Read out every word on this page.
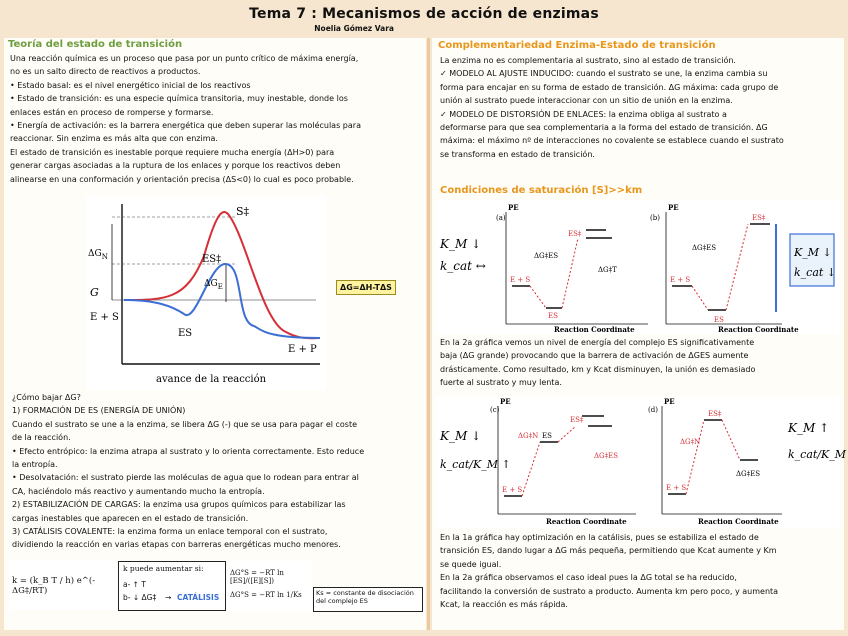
Tema 7 : Mecanismos de acción de enzimas
Noelia Gómez Vara
Teoría del estado de transición

Una reacción química es un proceso que pasa por un punto crítico de máxima energía,

no es un salto directo de reactivos a productos.

• Estado basal: es el nivel energético inicial de los reactivos

• Estado de transición: es una especie química transitoria, muy inestable, donde los

enlaces están en proceso de romperse y formarse.

• Energía de activación: es la barrera energética que deben superar las moléculas para

reaccionar. Sin enzima es más alta que con enzima.

El estado de transición es inestable porque requiere mucha energía (ΔH>0) para

generar cargas asociadas a la ruptura de los enlaces y porque los reactivos deben

alinearse en una conformación y orientación precisa (ΔS<0) lo cual es poco probable.

G
S‡
ES‡
E + S
ES
E + P
$\Delta G_N$
$\Delta G_E$
avance de la reacción
ΔG=ΔH-TΔS

¿Cómo bajar ΔG?

1) FORMACIÓN DE ES (ENERGÍA DE UNIÓN)

Cuando el sustrato se une a la enzima, se libera ΔG (-) que se usa para pagar el coste

de la reacción.

• Efecto entrópico: la enzima atrapa al sustrato y lo orienta correctamente. Esto reduce

la entropía.

• Desolvatación: el sustrato pierde las moléculas de agua que lo rodean para entrar al

CA, haciéndolo más reactivo y aumentando mucho la entropía.

2) ESTABILIZACIÓN DE CARGAS: la enzima usa grupos químicos para estabilizar las

cargas inestables que aparecen en el estado de transición.

3) CATÁLISIS COVALENTE: la enzima forma un enlace temporal con el sustrato,

dividiendo la reacción en varias etapas con barreras energéticas mucho menores.

k = (k_B T / h) e^(-ΔG‡/RT)
k puede aumentar si:
a- ↑ T
b- ↓ ΔG‡ → CATÁLISIS
ΔG°S = −RT ln [ES]/([E][S])
ΔG°S = −RT ln 1/Ks	Ks = constante de disociación del complejo ES
Complementariedad Enzima-Estado de transición

La enzima no es complementaria al sustrato, sino al estado de transición.

✓ MODELO AL AJUSTE INDUCIDO: cuando el sustrato se une, la enzima cambia su

forma para encajar en su forma de estado de transición. ΔG máxima: cada grupo de

unión al sustrato puede interaccionar con un sitio de unión en la enzima.

✓ MODELO DE DISTORSIÓN DE ENLACES: la enzima obliga al sustrato a

deformarse para que sea complementaria a la forma del estado de transición. ΔG

máxima: el máximo nº de interacciones no covalente se establece cuando el sustrato

se transforma en estado de transición.

Condiciones de saturación [S]>>km
K_M ↓
k_cat ↔
(a)
PE
E + S
ES
ES‡
ΔG‡ES
ΔG‡T
Reaction Coordinate
(b)
PE
E + S
ES
ES‡
ΔG‡ES
Reaction Coordinate
K_M ↓
k_cat ↓

En la 2a gráfica vemos un nivel de energía del complejo ES significativamente

baja (ΔG grande) provocando que la barrera de activación de ΔGES aumente

drásticamente. Como resultado, km y Kcat disminuyen, la unión es demasiado

fuerte al sustrato y muy lenta.

K_M ↓
k_cat/K_M ↑
(c)
PE
E + S
ES
ES‡
ΔG‡N
ΔG‡ES
Reaction Coordinate
(d)
PE
E + S
ES‡
ΔG‡N
ΔG‡ES
Reaction Coordinate
K_M ↑
k_cat/K_M

En la 1a gráfica hay optimización en la catálisis, pues se estabiliza el estado de

transición ES, dando lugar a ΔG más pequeña, permitiendo que Kcat aumente y Km

se quede igual.

En la 2a gráfica observamos el caso ideal pues la ΔG total se ha reducido,

facilitando la conversión de sustrato a producto. Aumenta km pero poco, y aumenta

Kcat, la reacción es más rápida.
